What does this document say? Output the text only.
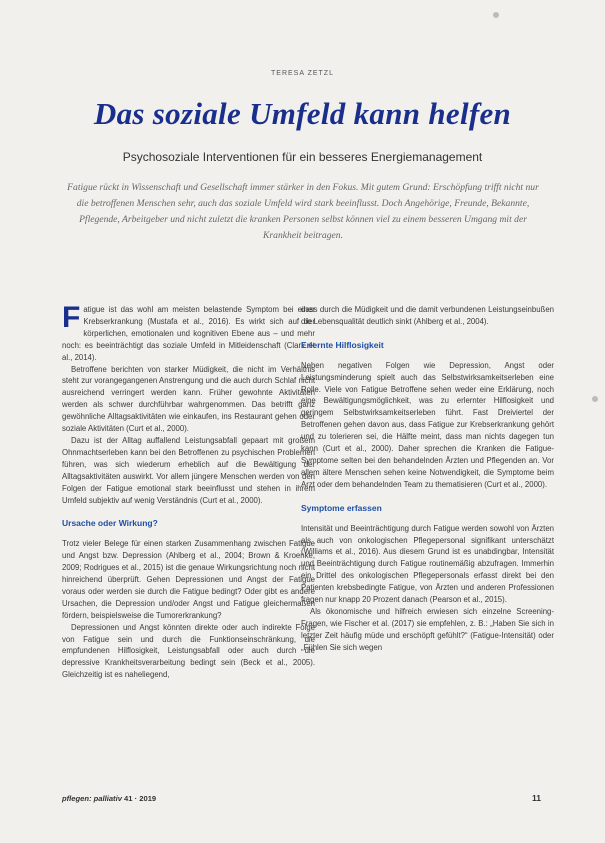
TERESA ZETZL
Das soziale Umfeld kann helfen
Psychosoziale Interventionen für ein besseres Energiemanagement
Fatigue rückt in Wissenschaft und Gesellschaft immer stärker in den Fokus. Mit gutem Grund: Erschöpfung trifft nicht nur die betroffenen Menschen sehr, auch das soziale Umfeld wird stark beeinflusst. Doch Angehörige, Freunde, Bekannte, Pflegende, Arbeitgeber und nicht zuletzt die kranken Personen selbst können viel zu einem besseren Umgang mit der Krankheit beitragen.

Fatigue ist das wohl am meisten belastende Symptom bei einer Krebserkrankung (Mustafa et al., 2016). Es wirkt sich auf der körperlichen, emotionalen und kognitiven Ebene aus – und mehr noch: es beeinträchtigt das soziale Umfeld in Mitleidenschaft (Clark et al., 2014).

Betroffene berichten von starker Müdigkeit, die nicht im Verhältnis steht zur vorangegangenen Anstrengung und die auch durch Schlaf nicht ausreichend verringert werden kann. Früher gewohnte Aktivitäten werden als schwer durchführbar wahrgenommen. Das betrifft ganz gewöhnliche Alltagsaktivitäten wie einkaufen, ins Restaurant gehen oder soziale Aktivitäten (Curt et al., 2000).

Dazu ist der Alltag auffallend Leistungsabfall gepaart mit großem Ohnmachtserleben kann bei den Betroffenen zu psychischen Problemen führen, was sich wiederum erheblich auf die Bewältigung der Alltagsaktivitäten auswirkt. Vor allem jüngere Menschen werden von den Folgen der Fatigue emotional stark beeinflusst und stehen in ihrem Umfeld subjektiv auf wenig Verständnis (Curt et al., 2000).

Ursache oder Wirkung?

Trotz vieler Belege für einen starken Zusammenhang zwischen Fatigue und Angst bzw. Depression (Ahlberg et al., 2004; Brown & Kroenke, 2009; Rodrigues et al., 2015) ist die genaue Wirkungsrichtung noch nicht hinreichend überprüft. Gehen Depressionen und Angst der Fatigue voraus oder werden sie durch die Fatigue bedingt? Oder gibt es andere Ursachen, die Depression und/oder Angst und Fatigue gleichermaßen fördern, beispielsweise die Tumorerkrankung?

Depressionen und Angst könnten direkte oder auch indirekte Folge von Fatigue sein und durch die Funktionseinschränkung, die empfundenen Hilflosigkeit, Leistungsabfall oder auch durch die depressive Krankheitsverarbeitung bedingt sein (Beck et al., 2005). Gleichzeitig ist es naheliegend,

dass durch die Müdigkeit und die damit verbundenen Leistungseinbußen die Lebensqualität deutlich sinkt (Ahlberg et al., 2004).

Erlernte Hilflosigkeit

Neben negativen Folgen wie Depression, Angst oder Leistungsminderung spielt auch das Selbstwirksamkeitserleben eine Rolle. Viele von Fatigue Betroffene sehen weder eine Erklärung, noch eine Bewältigungsmöglichkeit, was zu erlernter Hilflosigkeit und geringem Selbstwirksamkeitserleben führt. Fast Dreiviertel der Betroffenen gehen davon aus, dass Fatigue zur Krebserkrankung gehört und zu tolerieren sei, die Hälfte meint, dass man nichts dagegen tun kann (Curt et al., 2000). Daher sprechen die Kranken die Fatigue-Symptome selten bei den behandelnden Ärzten und Pflegenden an. Vor allem ältere Menschen sehen keine Notwendigkeit, die Symptome beim Arzt oder dem behandelnden Team zu thematisieren (Curt et al., 2000).

Symptome erfassen

Intensität und Beeinträchtigung durch Fatigue werden sowohl von Ärzten als auch von onkologischen Pflegepersonal signifikant unterschätzt (Williams et al., 2016). Aus diesem Grund ist es unabdingbar, Intensität und Beeinträchtigung durch Fatigue routinemäßig abzufragen. Immerhin ein Drittel des onkologischen Pflegepersonals erfasst direkt bei den Patienten krebsbedingte Fatigue, von Ärzten und anderen Professionen fragen nur knapp 20 Prozent danach (Pearson et al., 2015).

Als ökonomische und hilfreich erwiesen sich einzelne Screening-Fragen, wie Fischer et al. (2017) sie empfehlen, z. B.: „Haben Sie sich in letzter Zeit häufig müde und erschöpft gefühlt?“ (Fatigue-Intensität) oder „Fühlen Sie sich wegen

pflegen: palliativ 41 · 2019	11
